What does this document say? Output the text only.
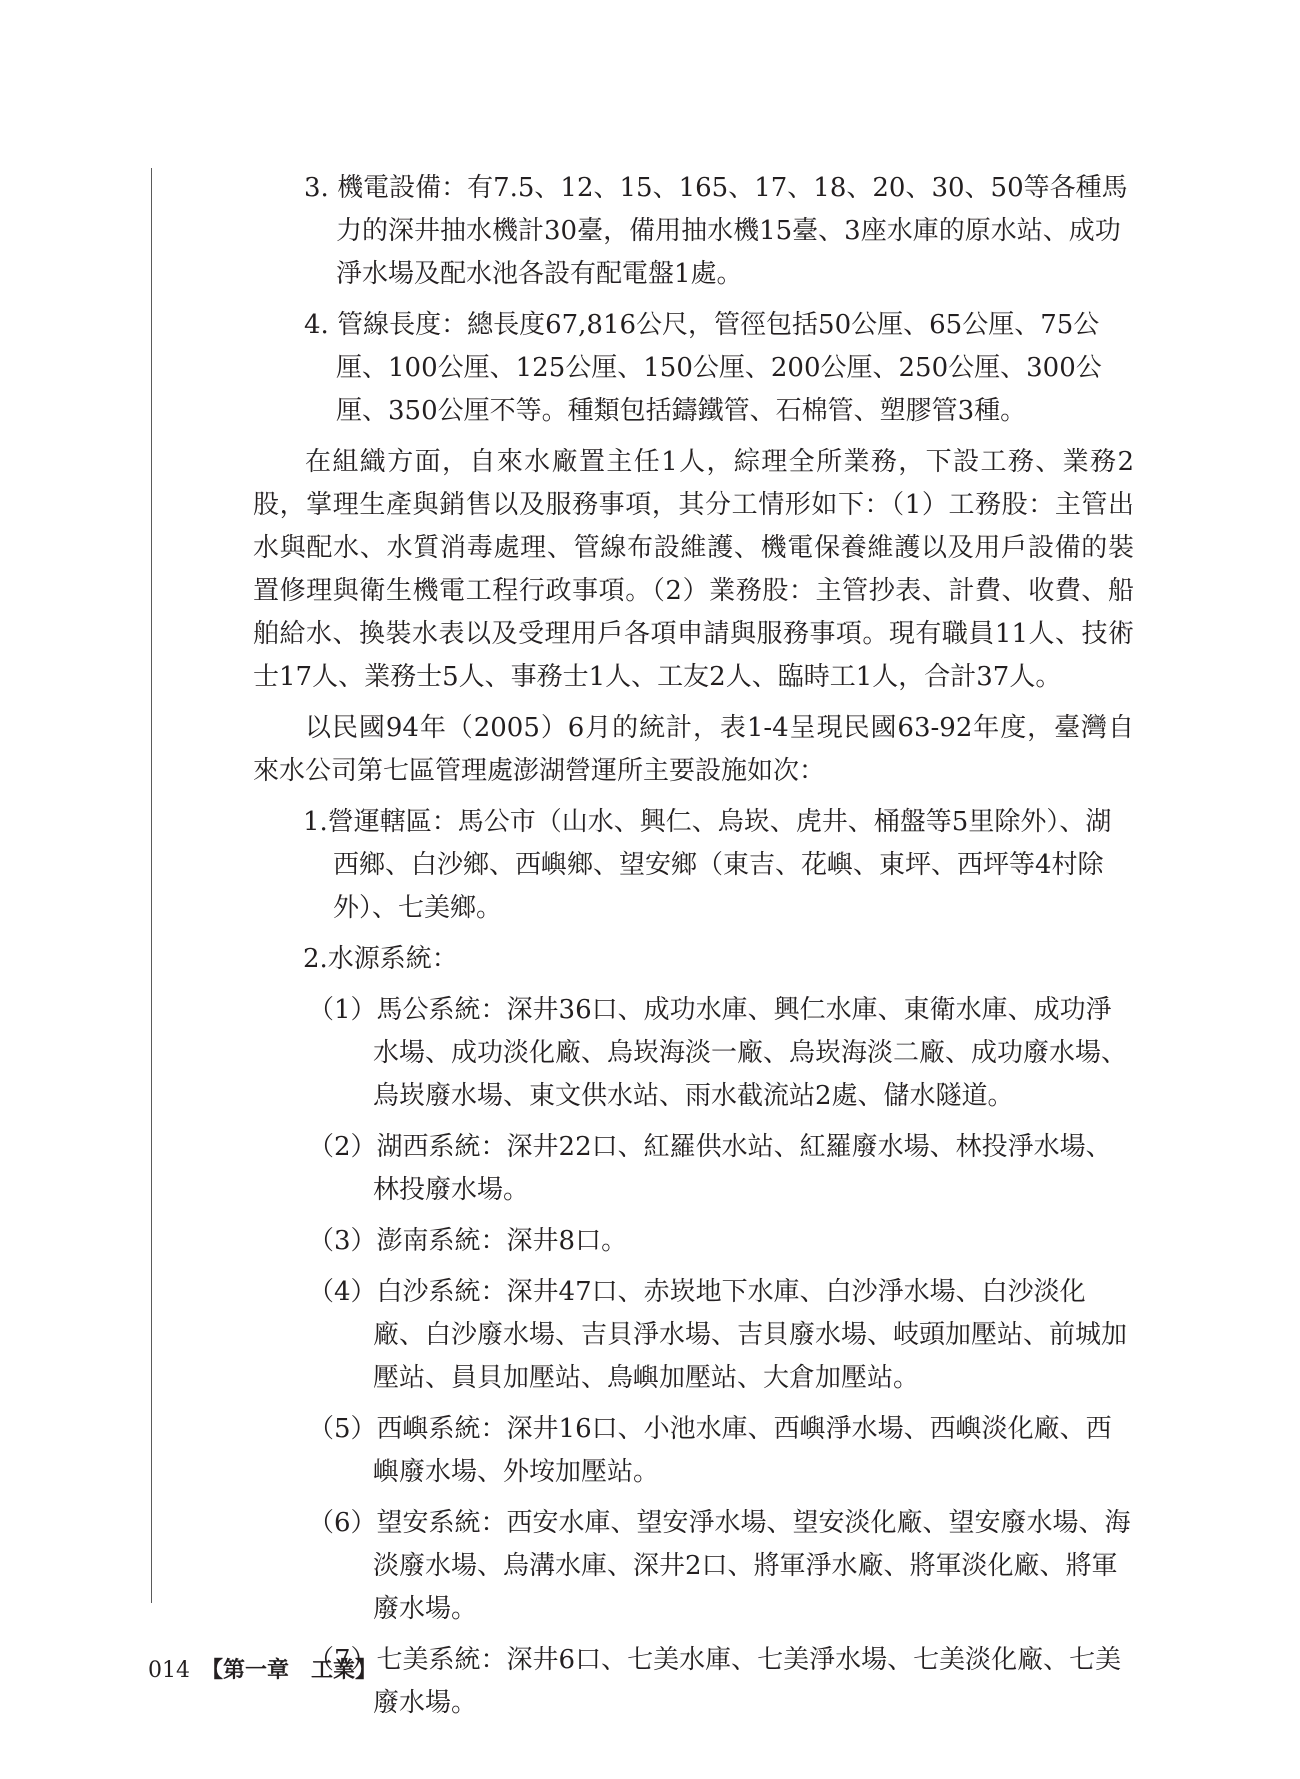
3. 機電設備：有7.5、12、15、165、17、18、20、30、50等各種馬力的深井抽水機計30臺，備用抽水機15臺、3座水庫的原水站、成功淨水場及配水池各設有配電盤1處。

4. 管線長度：總長度67,816公尺，管徑包括50公厘、65公厘、75公厘、100公厘、125公厘、150公厘、200公厘、250公厘、300公厘、350公厘不等。種類包括鑄鐵管、石棉管、塑膠管3種。

在組織方面，自來水廠置主任1人，綜理全所業務，下設工務、業務2股，掌理生產與銷售以及服務事項，其分工情形如下：（1）工務股：主管出水與配水、水質消毒處理、管線布設維護、機電保養維護以及用戶設備的裝置修理與衛生機電工程行政事項。（2）業務股：主管抄表、計費、收費、船舶給水、換裝水表以及受理用戶各項申請與服務事項。現有職員11人、技術士17人、業務士5人、事務士1人、工友2人、臨時工1人，合計37人。

以民國94年（2005）6月的統計，表1-4呈現民國63-92年度，臺灣自來水公司第七區管理處澎湖營運所主要設施如次：

1.營運轄區：馬公市（山水、興仁、烏崁、虎井、桶盤等5里除外）、湖西鄉、白沙鄉、西嶼鄉、望安鄉（東吉、花嶼、東坪、西坪等4村除外）、七美鄉。

2.水源系統：

（1）馬公系統：深井36口、成功水庫、興仁水庫、東衛水庫、成功淨水場、成功淡化廠、烏崁海淡一廠、烏崁海淡二廠、成功廢水場、烏崁廢水場、東文供水站、雨水截流站2處、儲水隧道。

（2）湖西系統：深井22口、紅羅供水站、紅羅廢水場、林投淨水場、林投廢水場。

（3）澎南系統：深井8口。

（4）白沙系統：深井47口、赤崁地下水庫、白沙淨水場、白沙淡化廠、白沙廢水場、吉貝淨水場、吉貝廢水場、岐頭加壓站、前城加壓站、員貝加壓站、鳥嶼加壓站、大倉加壓站。

（5）西嶼系統：深井16口、小池水庫、西嶼淨水場、西嶼淡化廠、西嶼廢水場、外垵加壓站。

（6）望安系統：西安水庫、望安淨水場、望安淡化廠、望安廢水場、海淡廢水場、烏溝水庫、深井2口、將軍淨水廠、將軍淡化廠、將軍廢水場。

（7）七美系統：深井6口、七美水庫、七美淨水場、七美淡化廠、七美廢水場。

014 【第一章　工業】
